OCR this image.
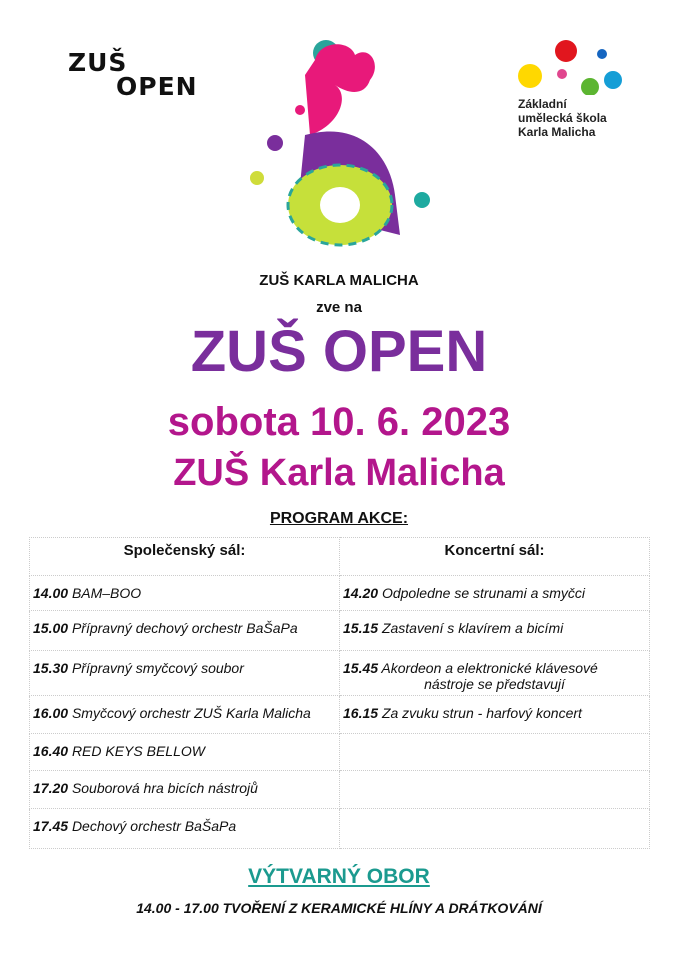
ZUŠ
OPEN
Základní
umělecká škola
Karla Malicha
ZUŠ KARLA MALICHA
zve na
ZUŠ OPEN
sobota 10. 6. 2023
ZUŠ Karla Malicha
PROGRAM AKCE:
Společenský sál:	Koncertní sál:
14.00 BAM–BOO	14.20 Odpoledne se strunami a smyčci
15.00 Přípravný dechový orchestr BaŠaPa	15.15 Zastavení s klavírem a bicími
15.30 Přípravný smyčcový soubor	15.45 Akordeon a elektronické klávesové
nástroje se představují

16.00 Smyčcový orchestr ZUŠ Karla Malicha	16.15 Za zvuku strun - harfový koncert
16.40 RED KEYS BELLOW	
17.20 Souborová hra bicích nástrojů	
17.45 Dechový orchestr BaŠaPa	
VÝTVARNÝ OBOR
14.00 - 17.00 TVOŘENÍ Z KERAMICKÉ HLÍNY A DRÁTKOVÁNÍ
